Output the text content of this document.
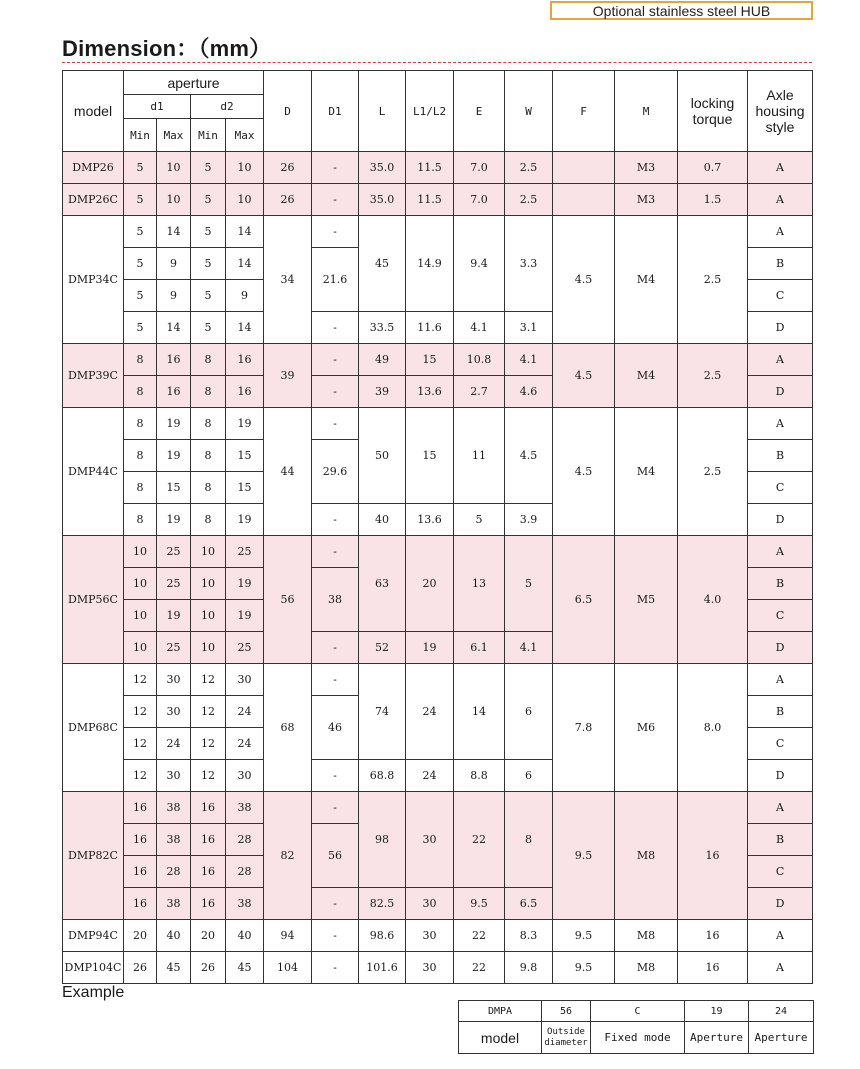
Optional stainless steel HUB
Dimension：（mm）
model	aperture				D	D1	L	L1/L2	E	W	F	M	locking torque	Axle housing style
	d1		d2											
	Min	Max	Min	Max										
DMP26	5	10	5	10	26	-	35.0	11.5	7.0	2.5		M3	0.7	A
DMP26C	5	10	5	10	26	-	35.0	11.5	7.0	2.5		M3	1.5	A
DMP34C	5	14	5	14	34	-	45	14.9	9.4	3.3	4.5	M4	2.5	A
	5	9	5	14		21.6								B
	5	9	5	9										C
	5	14	5	14		-	33.5	11.6	4.1	3.1				D
DMP39C	8	16	8	16	39	-	49	15	10.8	4.1	4.5	M4	2.5	A
	8	16	8	16		-	39	13.6	2.7	4.6				D
DMP44C	8	19	8	19	44	-	50	15	11	4.5	4.5	M4	2.5	A
	8	19	8	15		29.6								B
	8	15	8	15										C
	8	19	8	19		-	40	13.6	5	3.9				D
DMP56C	10	25	10	25	56	-	63	20	13	5	6.5	M5	4.0	A
	10	25	10	19		38								B
	10	19	10	19										C
	10	25	10	25		-	52	19	6.1	4.1				D
DMP68C	12	30	12	30	68	-	74	24	14	6	7.8	M6	8.0	A
	12	30	12	24		46								B
	12	24	12	24										C
	12	30	12	30		-	68.8	24	8.8	6				D
DMP82C	16	38	16	38	82	-	98	30	22	8	9.5	M8	16	A
	16	38	16	28		56								B
	16	28	16	28										C
	16	38	16	38		-	82.5	30	9.5	6.5				D
DMP94C	20	40	20	40	94	-	98.6	30	22	8.3	9.5	M8	16	A
DMP104C	26	45	26	45	104	-	101.6	30	22	9.8	9.5	M8	16	A
Example
DMPA	56	C	19	24
model	Outside diameter	Fixed mode	Aperture	Aperture
